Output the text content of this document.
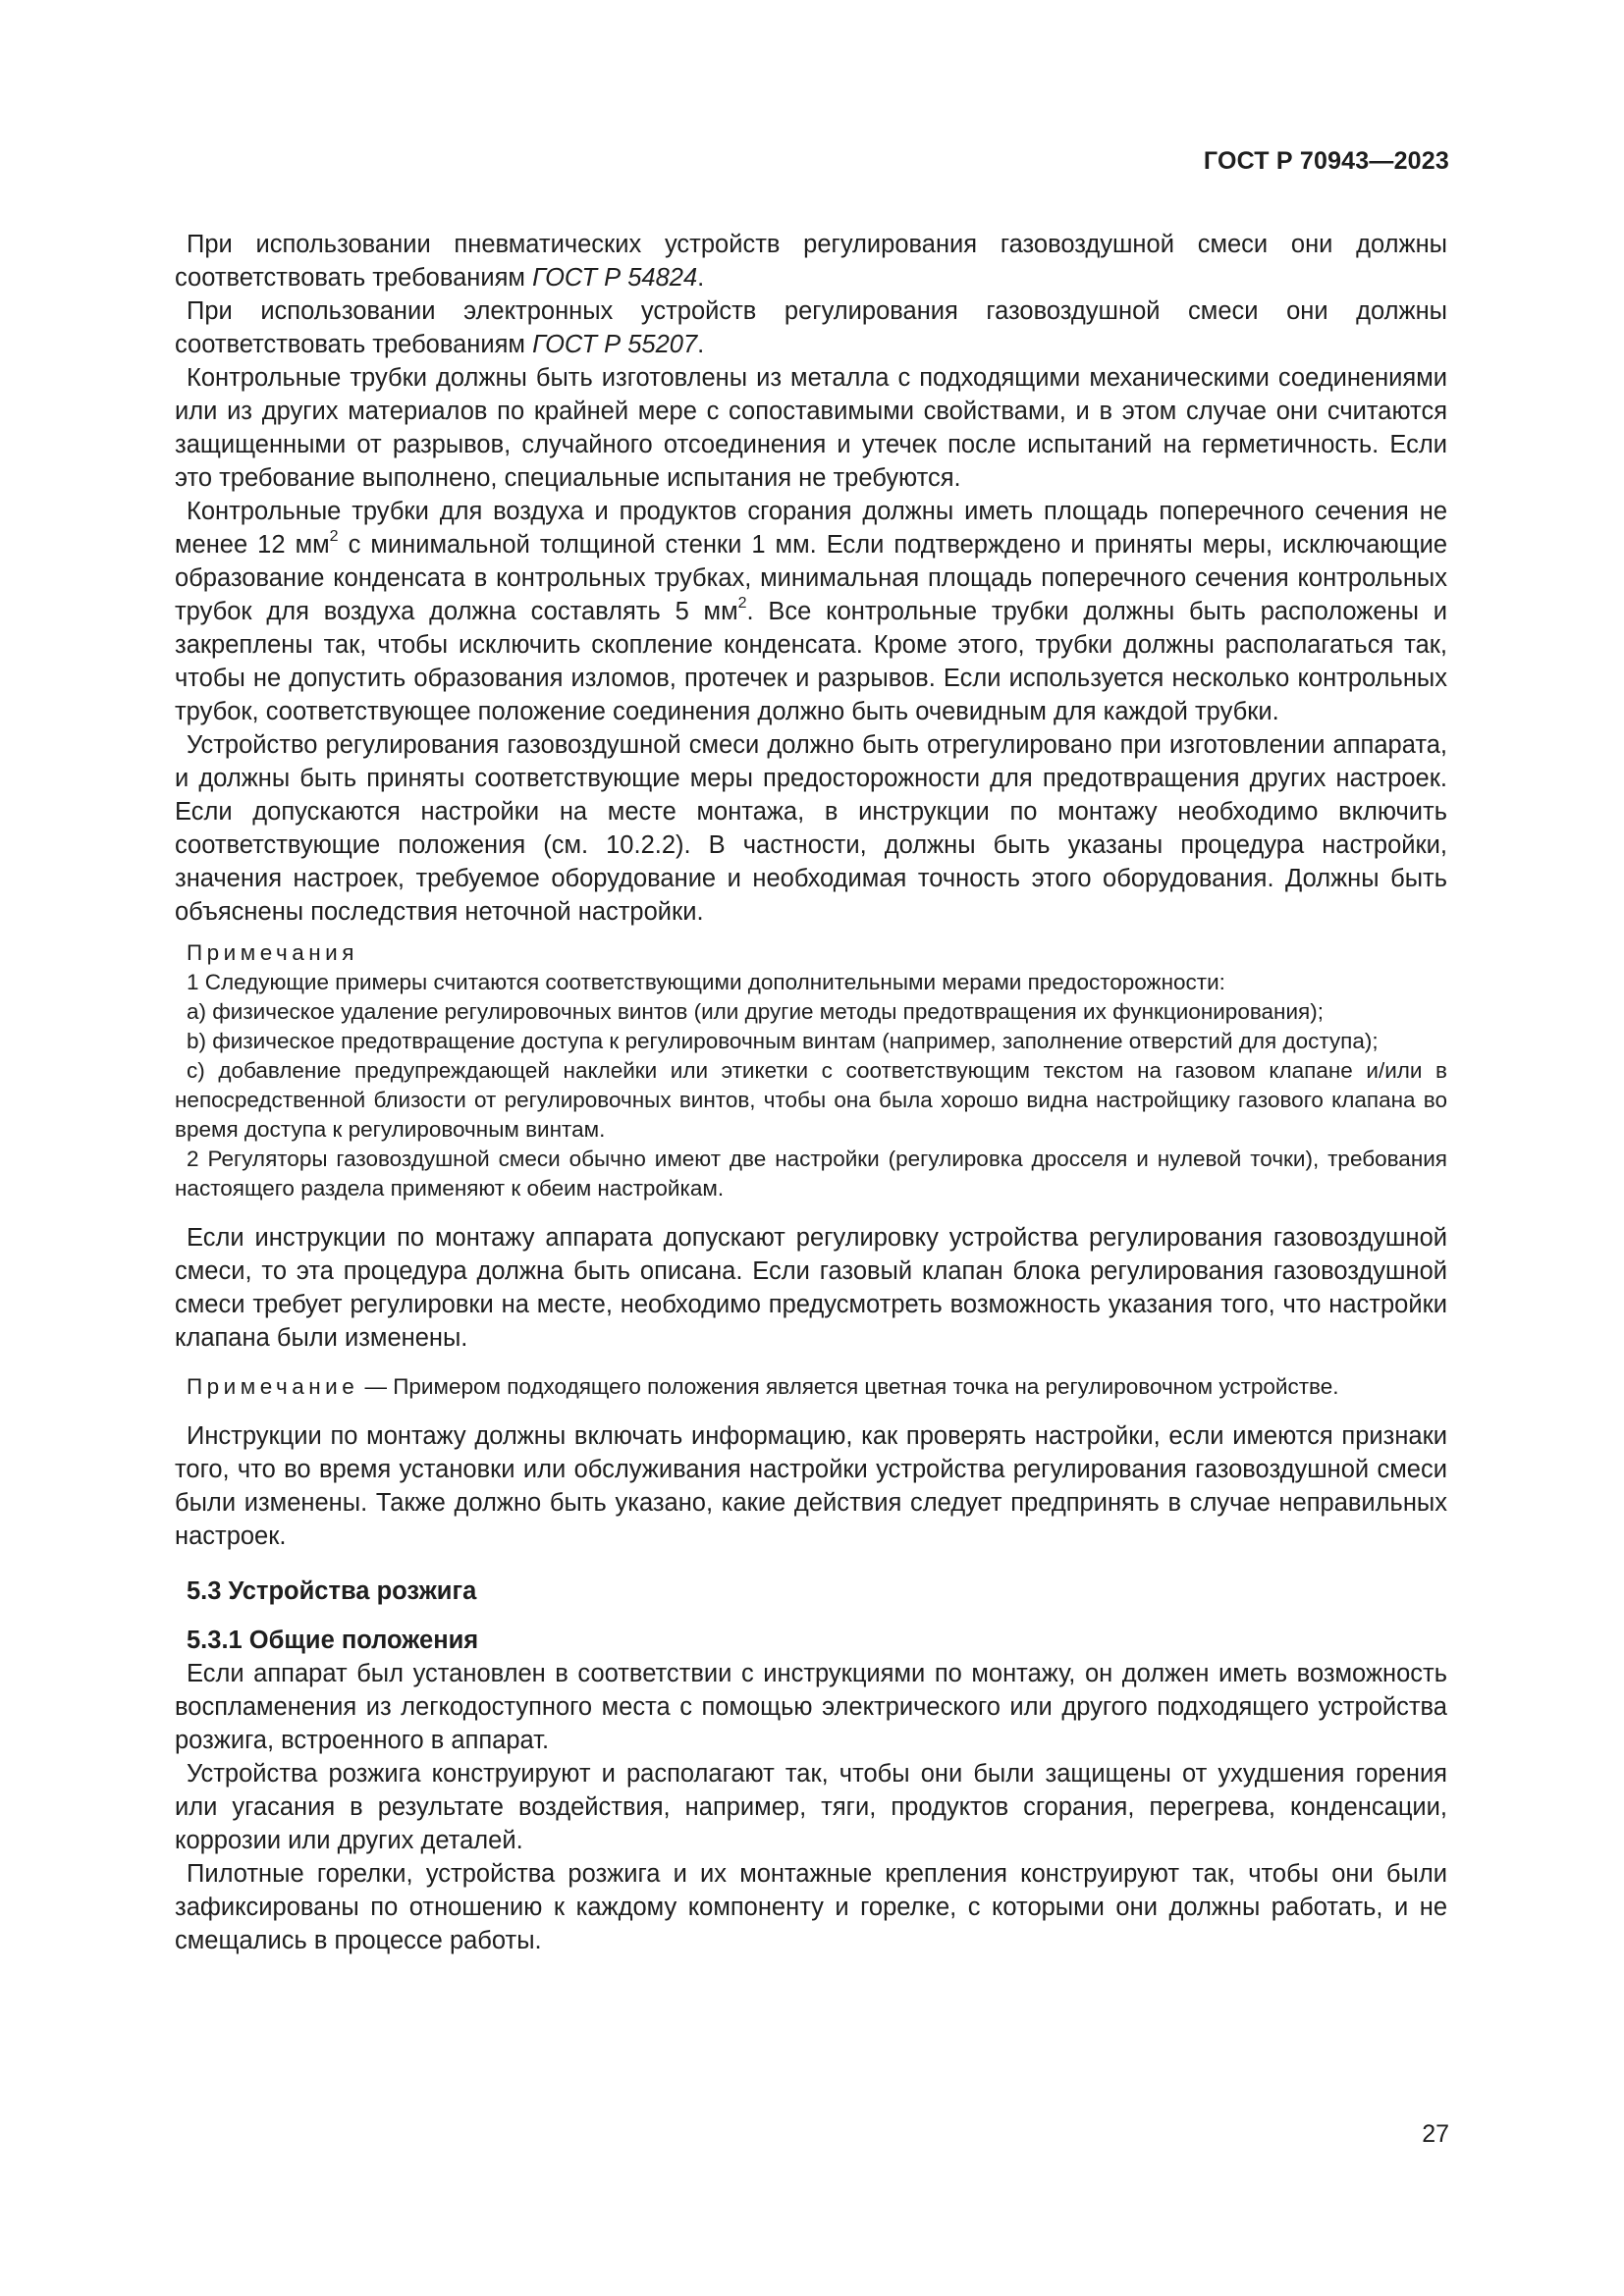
ГОСТ Р 70943—2023

При использовании пневматических устройств регулирования газовоздушной смеси они должны соответствовать требованиям ГОСТ Р 54824.

При использовании электронных устройств регулирования газовоздушной смеси они должны соответствовать требованиям ГОСТ Р 55207.

Контрольные трубки должны быть изготовлены из металла с подходящими механическими соединениями или из других материалов по крайней мере с сопоставимыми свойствами, и в этом случае они считаются защищенными от разрывов, случайного отсоединения и утечек после испытаний на герметичность. Если это требование выполнено, специальные испытания не требуются.

Контрольные трубки для воздуха и продуктов сгорания должны иметь площадь поперечного сечения не менее 12 $мм^2$ с минимальной толщиной стенки 1 мм. Если подтверждено и приняты меры, исключающие образование конденсата в контрольных трубках, минимальная площадь поперечного сечения контрольных трубок для воздуха должна составлять 5 $мм^2$. Все контрольные трубки должны быть расположены и закреплены так, чтобы исключить скопление конденсата. Кроме этого, трубки должны располагаться так, чтобы не допустить образования изломов, протечек и разрывов. Если используется несколько контрольных трубок, соответствующее положение соединения должно быть очевидным для каждой трубки.

Устройство регулирования газовоздушной смеси должно быть отрегулировано при изготовлении аппарата, и должны быть приняты соответствующие меры предосторожности для предотвращения других настроек. Если допускаются настройки на месте монтажа, в инструкции по монтажу необходимо включить соответствующие положения (см. 10.2.2). В частности, должны быть указаны процедура настройки, значения настроек, требуемое оборудование и необходимая точность этого оборудования. Должны быть объяснены последствия неточной настройки.

Примечания

1 Следующие примеры считаются соответствующими дополнительными мерами предосторожности:

а) физическое удаление регулировочных винтов (или другие методы предотвращения их функционирования);

b) физическое предотвращение доступа к регулировочным винтам (например, заполнение отверстий для доступа);

c) добавление предупреждающей наклейки или этикетки с соответствующим текстом на газовом клапане и/или в непосредственной близости от регулировочных винтов, чтобы она была хорошо видна настройщику газового клапана во время доступа к регулировочным винтам.

2 Регуляторы газовоздушной смеси обычно имеют две настройки (регулировка дросселя и нулевой точки), требования настоящего раздела применяют к обеим настройкам.

Если инструкции по монтажу аппарата допускают регулировку устройства регулирования газовоздушной смеси, то эта процедура должна быть описана. Если газовый клапан блока регулирования газовоздушной смеси требует регулировки на месте, необходимо предусмотреть возможность указания того, что настройки клапана были изменены.

Примечание — Примером подходящего положения является цветная точка на регулировочном устройстве.

Инструкции по монтажу должны включать информацию, как проверять настройки, если имеются признаки того, что во время установки или обслуживания настройки устройства регулирования газовоздушной смеси были изменены. Также должно быть указано, какие действия следует предпринять в случае неправильных настроек.

5.3 Устройства розжига

5.3.1 Общие положения

Если аппарат был установлен в соответствии с инструкциями по монтажу, он должен иметь возможность воспламенения из легкодоступного места с помощью электрического или другого подходящего устройства розжига, встроенного в аппарат.

Устройства розжига конструируют и располагают так, чтобы они были защищены от ухудшения горения или угасания в результате воздействия, например, тяги, продуктов сгорания, перегрева, конденсации, коррозии или других деталей.

Пилотные горелки, устройства розжига и их монтажные крепления конструируют так, чтобы они были зафиксированы по отношению к каждому компоненту и горелке, с которыми они должны работать, и не смещались в процессе работы.

27
